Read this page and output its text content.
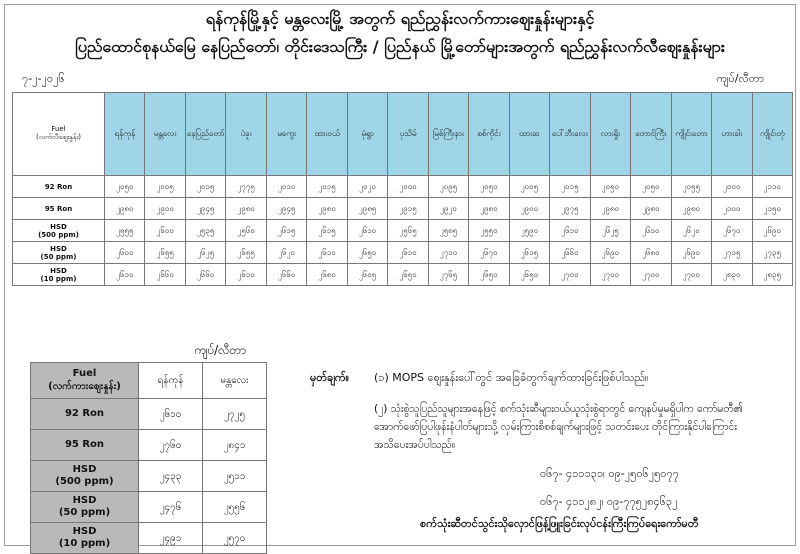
ရန်ကုန်မြို့နှင့် မန္တလေးမြို့ အတွက် ရည်ညွှန်းလက်ကားဈေးနှုန်းများနှင့်
ပြည်ထောင်စုနယ်မြေ နေပြည်တော်၊ တိုင်းဒေသကြီး / ပြည်နယ် မြို့တော်များအတွက် ရည်ညွှန်းလက်လီဈေးနှုန်းများ
၇-၂-၂၀၂၆	ကျပ်/လီတာ
Fuel
(လက်လီဈေးနှုန်း)	ရန်ကုန်	မန္တလေး	နေပြည်တော်	ပဲခူး	မကွေး	ထားဝယ်	မုံရွာ	ပုသိမ်	မြစ်ကြီးနား	စစ်ကိုင်း	ထားဆ	ပေါ်ဘီးလေး	လားရှိုး	တောင်ကြီး	ကျိုင်းတော	ဟားခါး	ကျိုင်းတုံ

92 Ron	၂၀၅၀	၂၀၀၅	၂၀၁၅	၂၇၇၅	၂၀၁၀	၂၀၁၅	၂၀၂၀	၂၀၀၀	၂၀၉၅	၂၀၅၀	၂၀၀၅	၂၀၁၅	၂၀၅၀	၂၀၅၀	၂၀၅၅	၂၀၀၀	၂၁၁၀

95 Ron	၂၉၈၀	၂၉၀၀	၂၉၄၅	၂၉၈၀	၂၉၄၅	၂၉၈၀	၂၉၈၅	၂၉၁၅	၂၉၂၀	၂၉၈၀	၂၉၀၀	၂၉၇၅	၂၉၈၀	၂၉၈၀	၂၉၈၀	၂၁၀၀	၂၁၅၀

HSD
(500 ppm)	၂၅၅၅	၂၆၀၀	၂၅၃၅	၂၅၆၀	၂၆၁၅	၂၆၁၅	၂၆၁၀	၂၅၆၅	၂၅၈၅	၂၅၅၀	၂၅၉၀	၂၆၁၀	၂၆၂၅	၂၆၁၀	၂၆၂၀	၂၆၇၀	၂၆၉၀

HSD
(50 ppm)	၂၆၀၀	၂၆၅၅	၂၆၂၅	၂၆၅၅	၂၆၂၀	၂၆၁၀	၂၆၅၀	၂၆၁၀	၂၇၁၀	၂၆၇၀	၂၆၁၅	၂၆၆၀	၂၆၉၀	၂၆၈၀	၂၆၉၀	၂၇၁၅	၂၇၃၅

HSD
(10 ppm)	၂၆၁၀	၂၆၆၀	၂၆၆၀	၂၆၁၀	၂၆၆၀	၂၆၈၀	၂၆၀၅	၂၆၅၀	၂၇၆၅	၂၆၅၀	၂၆၅၀	၂၇၀၀	၂၇၀၀	၂၇၀၀	၂၇၀၀	၂၈၃၀	၂၈၃၅
ကျပ်/လီတာ
Fuel
(လက်ကားဈေးနှုန်း)	ရန်ကုန်	မန္တလေး

92 Ron	၂၆၁၀	၂၇၂၅

95 Ron	၂၇၆၀	၂၈၄၁

HSD
(500 ppm)	၂၄၃၃	၂၅၁၁

HSD
(50 ppm)	၂၄၇၆	၂၅၅၆

HSD
(10 ppm)	၂၄၉၁	၂၅၇၀
မှတ်ချက်။ (၁) MOPS ဈေးနှုန်းပေါ်တွင် အခြေခံတွက်ချက်ထားခြင်းဖြစ်ပါသည်။
(၂) သုံးစွဲသူပြည်သူများအနေဖြင့် စက်သုံးဆီများဝယ်ယူသုံးစွဲရာတွင် ကျေနပ်မှုမရှိပါက ကော်မတီ၏ အောက်ဖော်ပြပါဖုန်းနံပါတ်များသို့ လှမ်းကြားစိစစ်ချက်များဖြင့် သတင်းပေး တိုင်ကြားနိုင်ပါကြောင်း အသိပေးအပ်ပါသည်။
၀၆၇- ၄၁၁၁၃၁၊ ၀၉-၂၅၀၆၂၅၀၇၇
၀၆၇- ၄၁၁၂၈၂၊ ၀၉-၇၇၅၂၈၄၆၃၂
စက်သုံးဆီတင်သွင်းသိုလှောင်ဖြန့်ဖြူးခြင်းလုပ်ငန်းကြီးကြပ်ရေးကော်မတီ
